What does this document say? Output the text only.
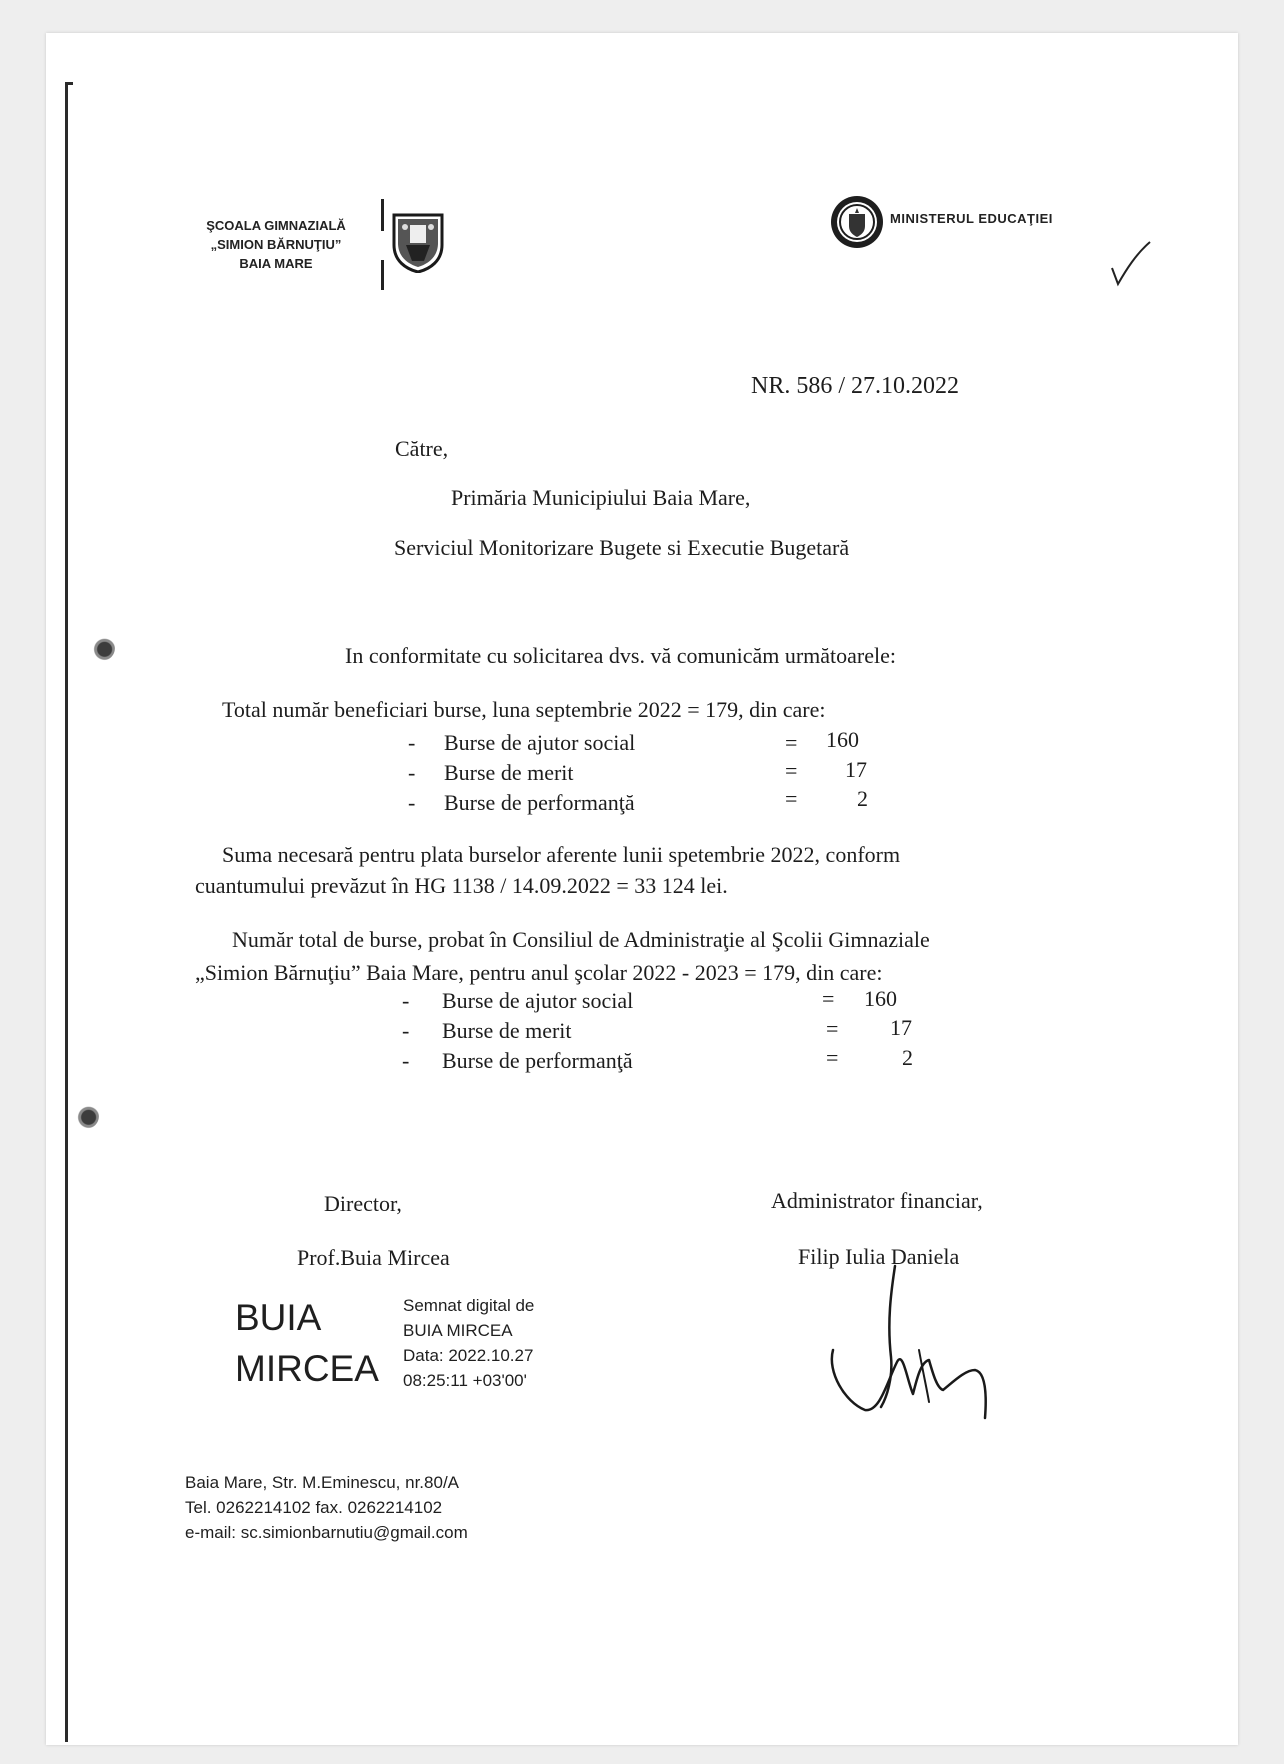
ŞCOALA GIMNAZIALĂ
„SIMION BĂRNUŢIU”
BAIA MARE
MINISTERUL EDUCAŢIEI
NR. 586 / 27.10.2022
Către,
Primăria Municipiului Baia Mare,
Serviciul Monitorizare Bugete si Executie Bugetară
In conformitate cu solicitarea dvs. vă comunicăm următoarele:
Total număr beneficiari burse, luna septembrie 2022 = 179, din care:
- Burse de ajutor social	= 160
- Burse de merit	= 17
- Burse de performanţă	=	2
Suma necesară pentru plata burselor aferente lunii spetembrie 2022, conform
cuantumului prevăzut în HG 1138 / 14.09.2022 = 33 124 lei.
Număr total de burse, probat în Consiliul de Administraţie al Şcolii Gimnaziale
„Simion Bărnuţiu” Baia Mare, pentru anul şcolar 2022 - 2023 = 179, din care:
- Burse de ajutor social	= 160
- Burse de merit	= 17
- Burse de performanţă	=	2
Director,
Prof.Buia Mircea
BUIA
MIRCEA
Semnat digital de
BUIA MIRCEA
Data: 2022.10.27
08:25:11 +03'00'
Administrator financiar,
Filip Iulia Daniela
Baia Mare, Str. M.Eminescu, nr.80/A
Tel. 0262214102 fax. 0262214102
e-mail: sc.simionbarnutiu@gmail.com
